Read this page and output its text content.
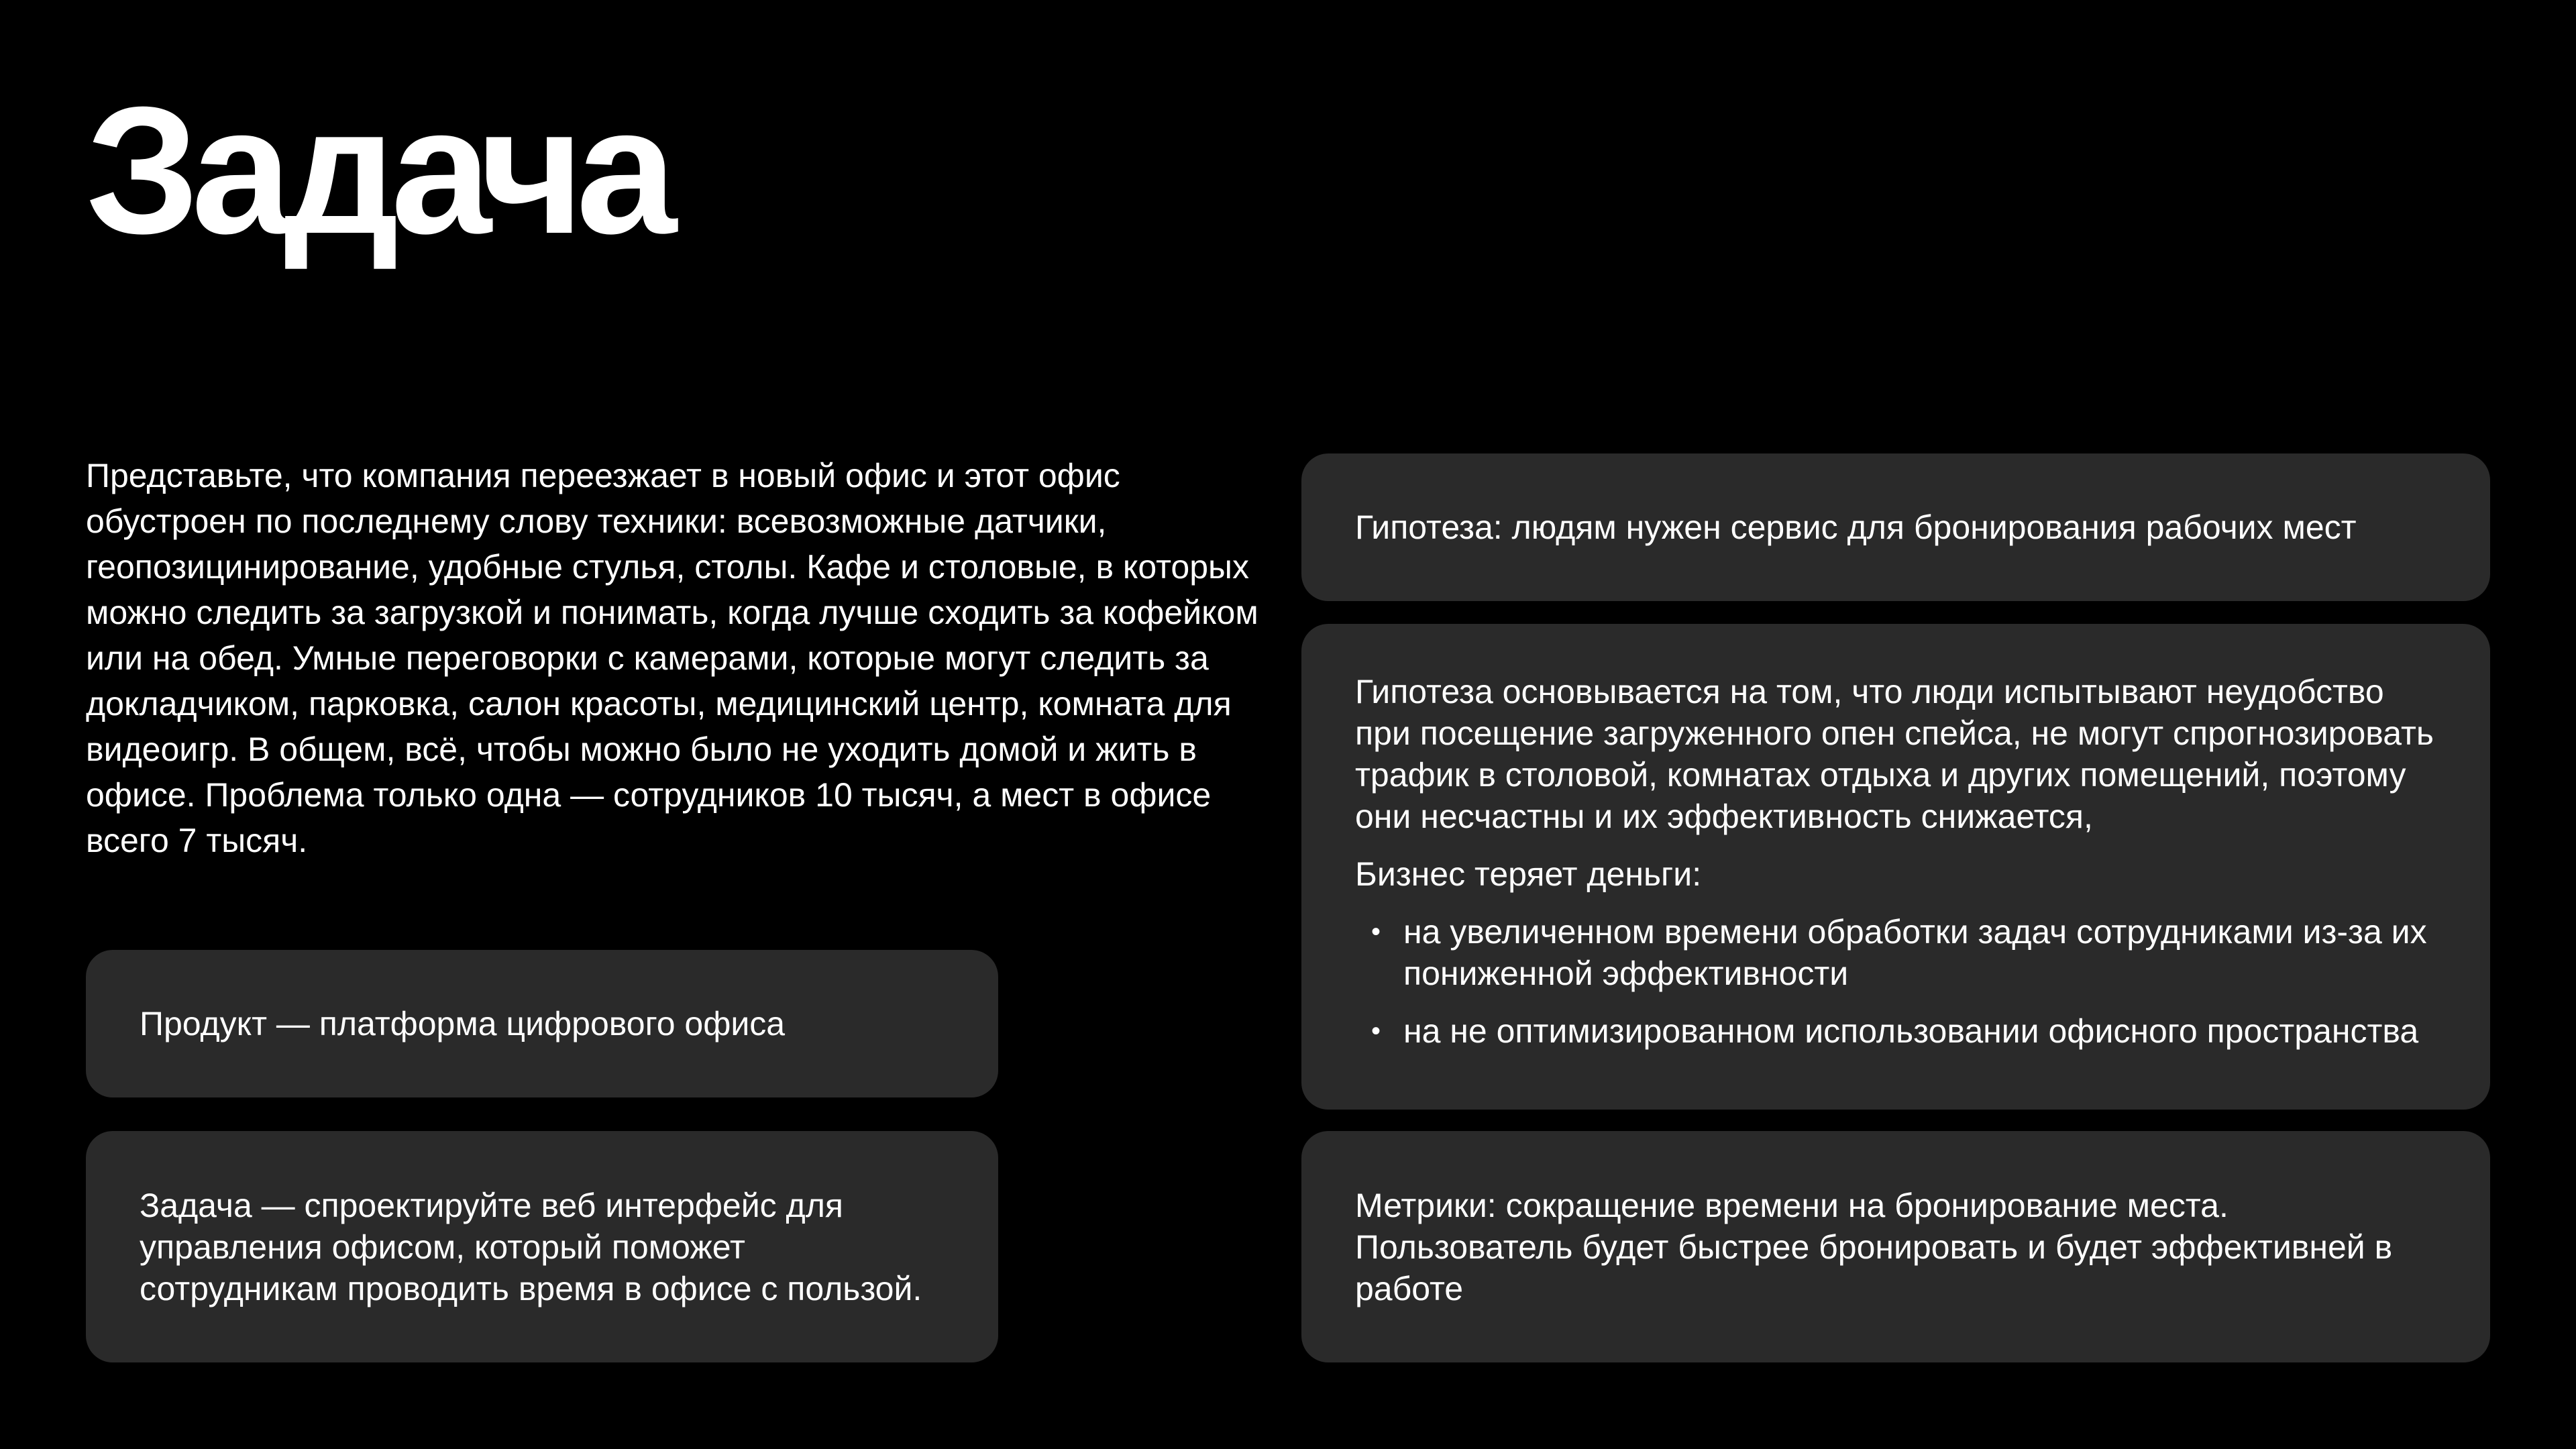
Задача

Представьте, что компания переезжает в новый офис и этот офис обустроен по последнему слову техники: всевозможные датчики, геопозицинирование, удобные стулья, столы. Кафе и столовые, в которых можно следить за загрузкой и понимать, когда лучше сходить за кофейком или на обед. Умные переговорки с камерами, которые могут следить за докладчиком, парковка, салон красоты, медицинский центр, комната для видеоигр. В общем, всё, чтобы можно было не уходить домой и жить в офисе. Проблема только одна — сотрудников 10 тысяч, а мест в офисе всего 7 тысяч.

Продукт — платформа цифрового офиса

Задача — спроектируйте веб интерфейс для управления офисом, который поможет сотрудникам проводить время в офисе с пользой.

Гипотеза: людям нужен сервис для бронирования рабочих мест

Гипотеза основывается на том, что люди испытывают неудобство при посещение загруженного опен спейса, не могут спрогнозировать трафик в столовой, комнатах отдыха и других помещений, поэтому они несчастны и их эффективность снижается,

Бизнес теряет деньги:

• на увеличенном времени обработки задач сотрудниками из-за их пониженной эффективности
• на не оптимизированном использовании офисного пространства

Метрики: сокращение времени на бронирование места. Пользователь будет быстрее бронировать и будет эффективней в работе
